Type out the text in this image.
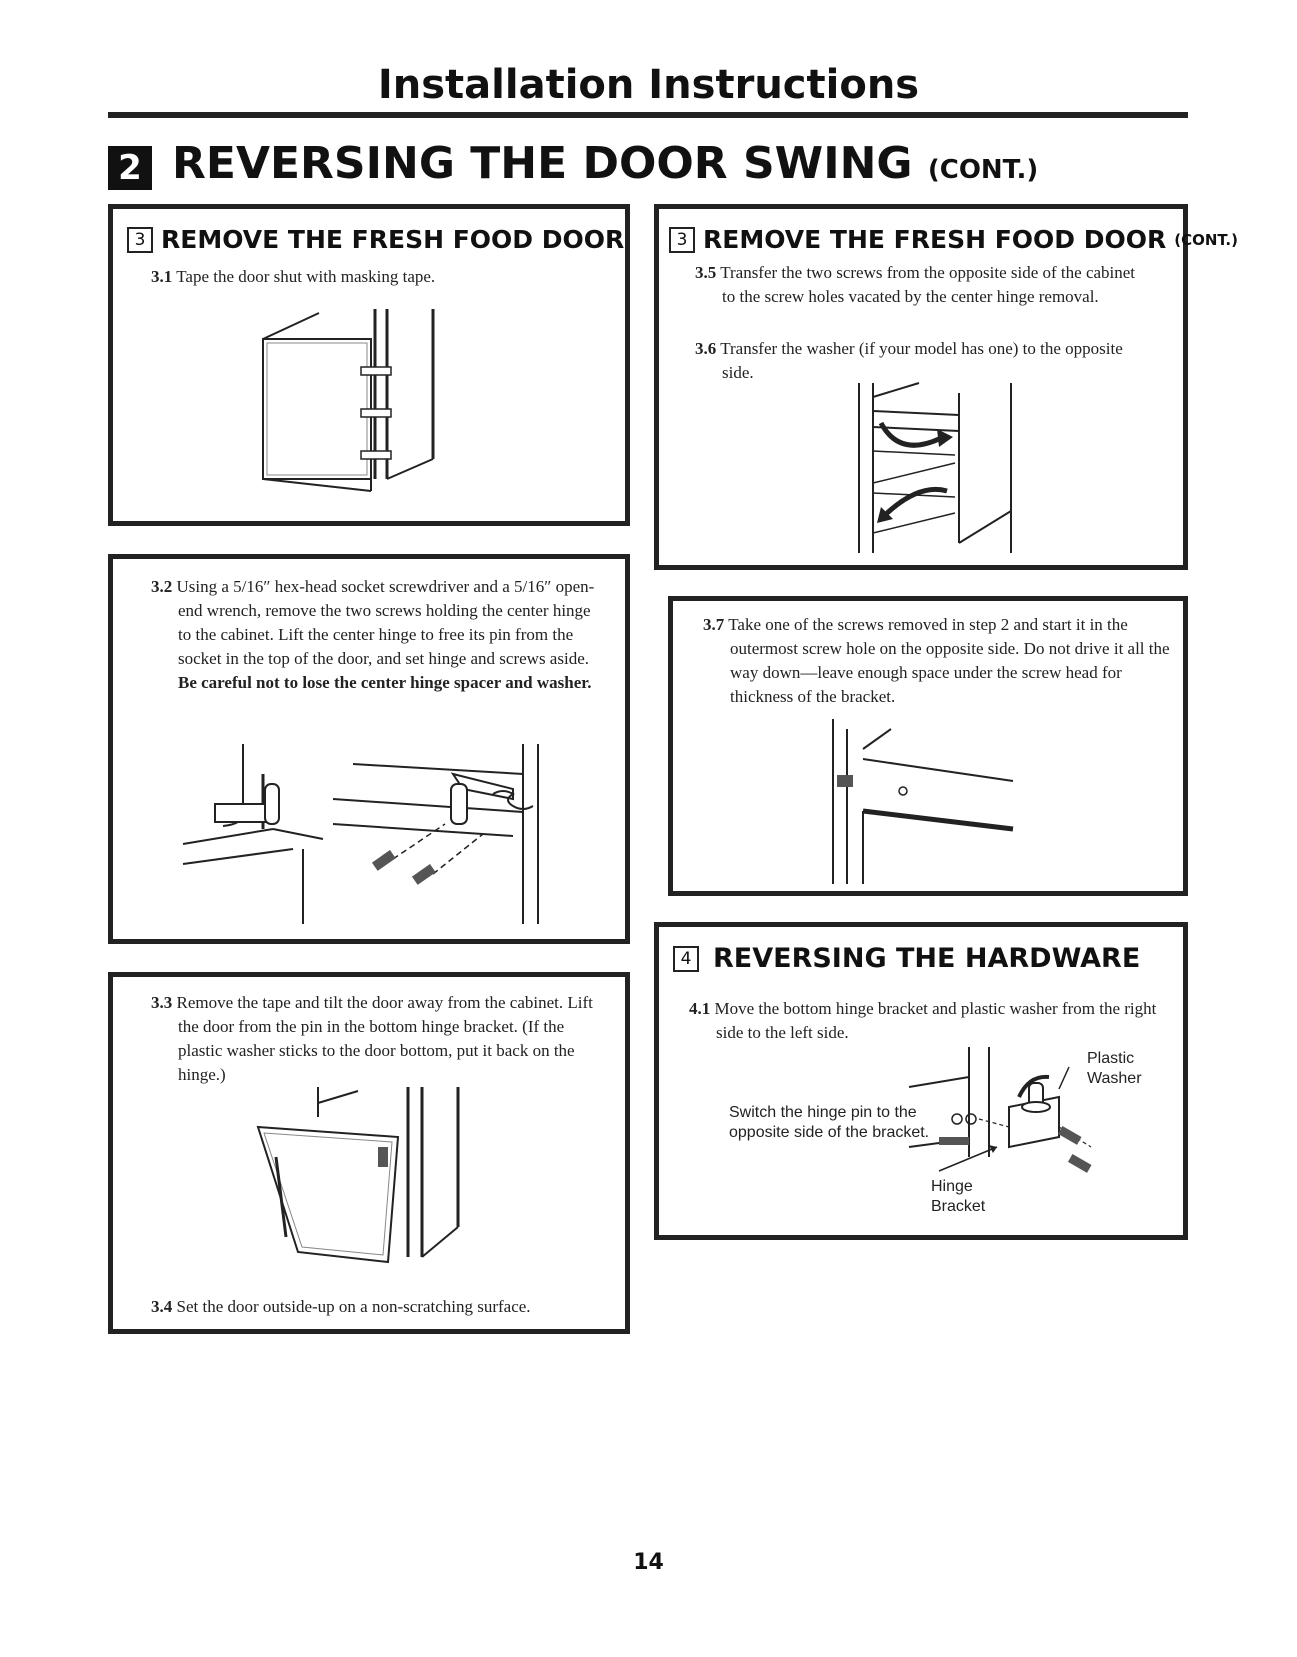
Installation Instructions
2 REVERSING THE DOOR SWING (CONT.)
3 REMOVE THE FRESH FOOD DOOR
3.1 Tape the door shut with masking tape.
3.2 Using a 5/16″ hex-head socket screwdriver and a 5/16″ open-end wrench, remove the two screws holding the center hinge to the cabinet. Lift the center hinge to free its pin from the socket in the top of the door, and set hinge and screws aside. Be careful not to lose the center hinge spacer and washer.
3.3 Remove the tape and tilt the door away from the cabinet. Lift the door from the pin in the bottom hinge bracket. (If the plastic washer sticks to the door bottom, put it back on the hinge.)
3.4 Set the door outside-up on a non-scratching surface.
3 REMOVE THE FRESH FOOD DOOR (CONT.)
3.5 Transfer the two screws from the opposite side of the cabinet to the screw holes vacated by the center hinge removal.
3.6 Transfer the washer (if your model has one) to the opposite side.
3.7 Take one of the screws removed in step 2 and start it in the outermost screw hole on the opposite side. Do not drive it all the way down—leave enough space under the screw head for thickness of the bracket.
4 REVERSING THE HARDWARE
4.1 Move the bottom hinge bracket and plastic washer from the right side to the left side.
Plastic
Washer
Switch the hinge pin to the
opposite side of the bracket.
Hinge
Bracket
14
